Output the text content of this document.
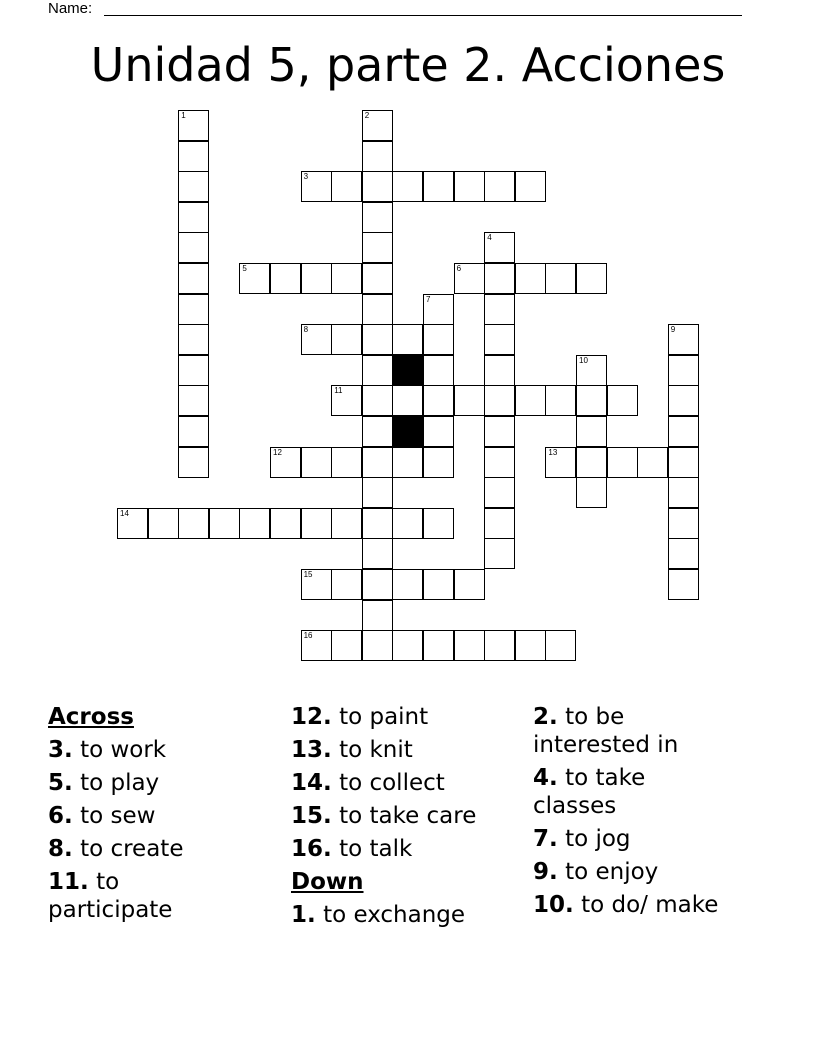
Name:
Unidad 5, parte 2. Acciones
1	2
3
4
5	6
7
8	9
10
11
12	13
14
15
16
Across
3. to work
5. to play
6. to sew
8. to create
11. to participate
12. to paint
13. to knit
14. to collect
15. to take care
16. to talk
Down
1. to exchange
2. to be interested in
4. to take classes
7. to jog
9. to enjoy
10. to do/ make
